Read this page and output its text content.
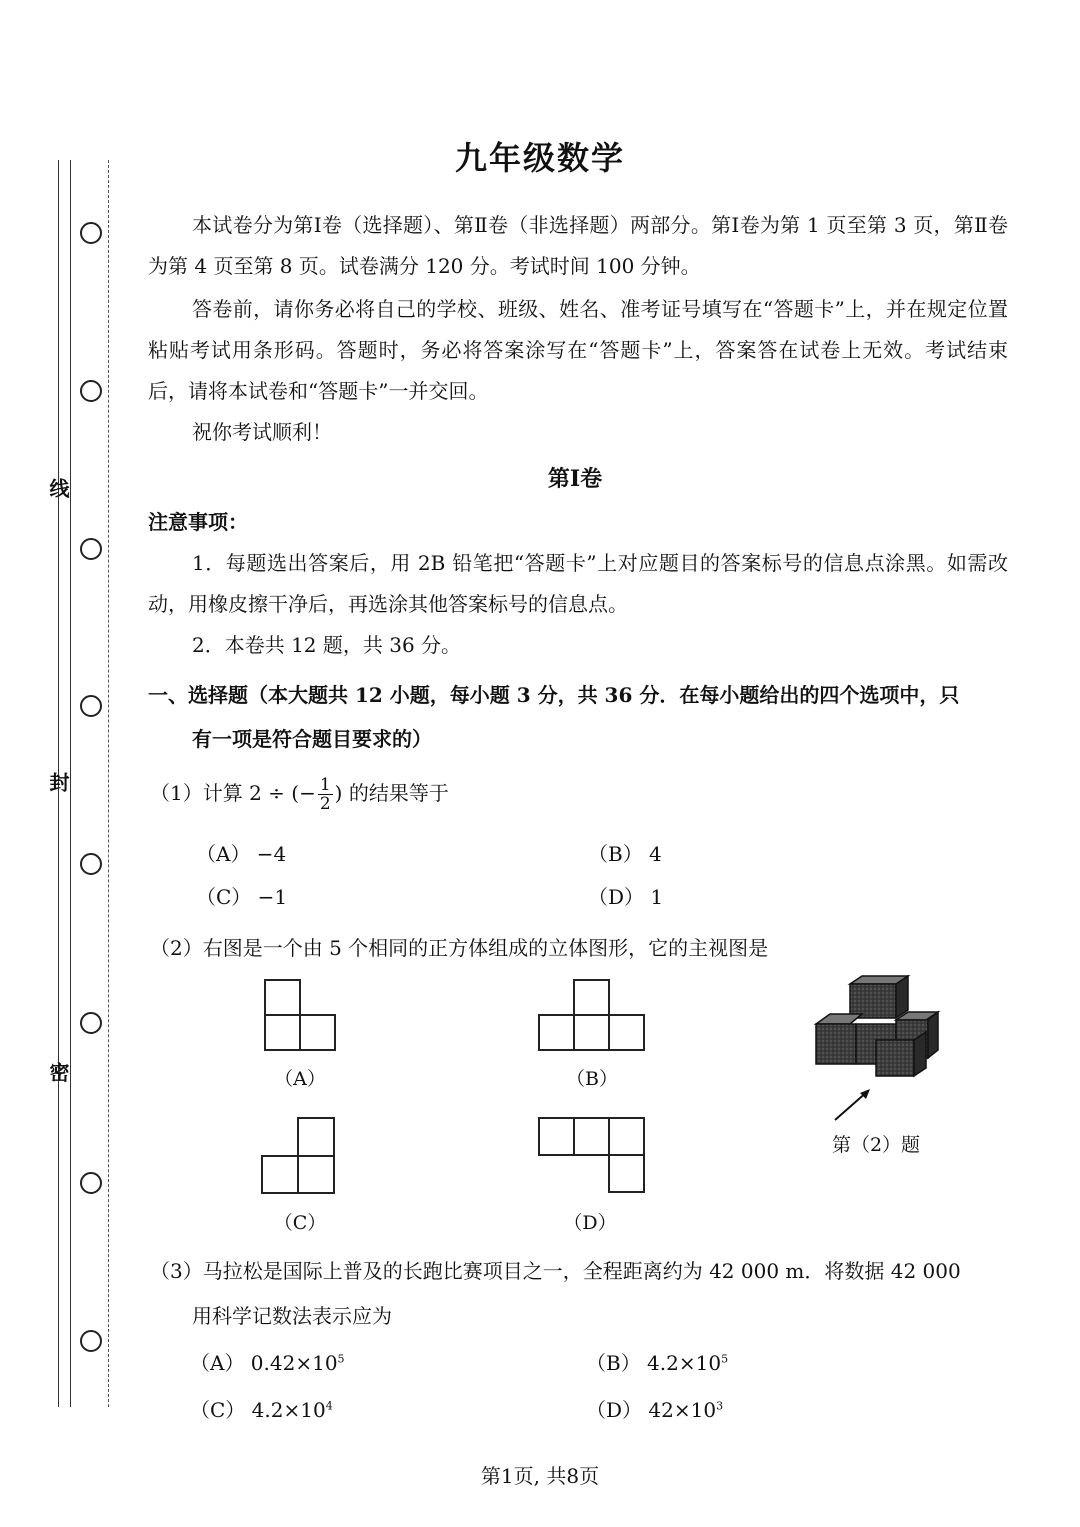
线
封
密
九年级数学
本试卷分为第Ⅰ卷（选择题）、第Ⅱ卷（非选择题）两部分。第Ⅰ卷为第 1 页至第 3 页，第Ⅱ卷为第 4 页至第 8 页。试卷满分 120 分。考试时间 100 分钟。
答卷前，请你务必将自己的学校、班级、姓名、准考证号填写在“答题卡”上，并在规定位置粘贴考试用条形码。答题时，务必将答案涂写在“答题卡”上，答案答在试卷上无效。考试结束后，请将本试卷和“答题卡”一并交回。
祝你考试顺利！
第Ⅰ卷
注意事项：
1．每题选出答案后，用 2B 铅笔把“答题卡”上对应题目的答案标号的信息点涂黑。如需改动，用橡皮擦干净后，再选涂其他答案标号的信息点。
2．本卷共 12 题，共 36 分。
一、选择题（本大题共 12 小题，每小题 3 分，共 36 分．在每小题给出的四个选项中，只
有一项是符合题目要求的）
（1）计算 2 ÷ (− $\frac{1}{2}$ ) 的结果等于
（A） −4	（B） 4
（C） −1	（D） 1
（2）右图是一个由 5 个相同的正方体组成的立体图形，它的主视图是
（A）	（B）
（C）	（D）
第（2）题
（3）马拉松是国际上普及的长跑比赛项目之一，全程距离约为 42 000 m．将数据 42 000
用科学记数法表示应为
（A） $0.42\times 10^5$	（B） $4.2\times 10^5$
（C） $4.2\times 10^4$	（D） $42\times 10^3$
第1页, 共8页
